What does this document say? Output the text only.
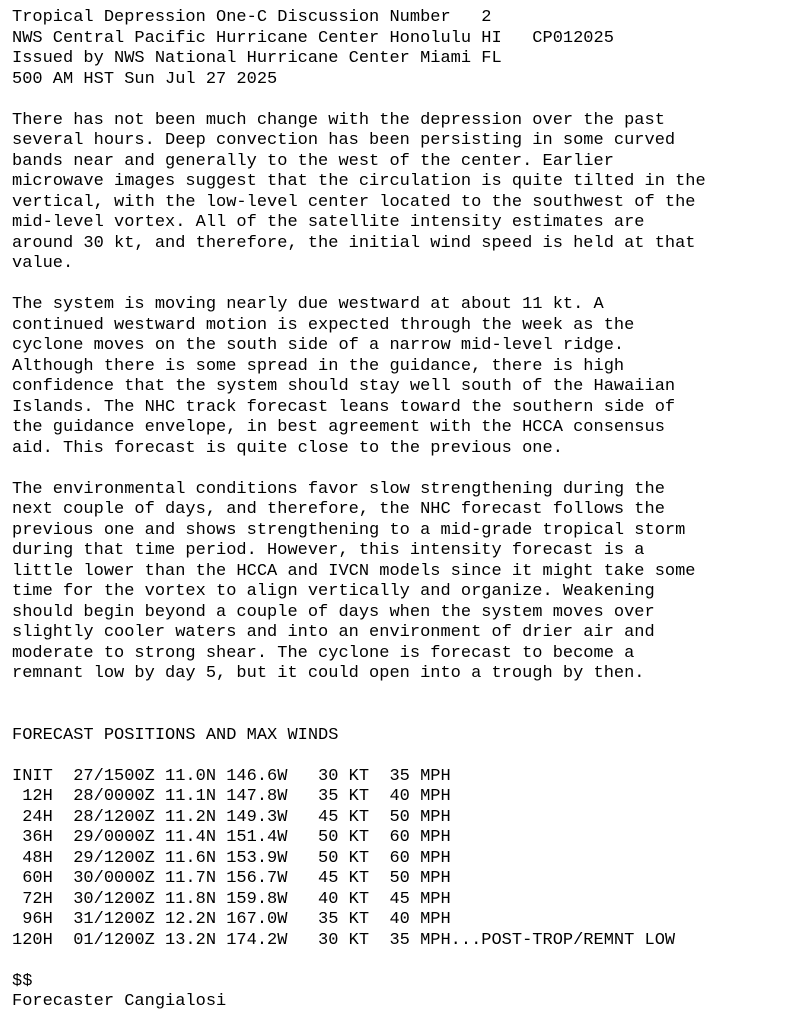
Tropical Depression One-C Discussion Number   2
NWS Central Pacific Hurricane Center Honolulu HI   CP012025
Issued by NWS National Hurricane Center Miami FL
500 AM HST Sun Jul 27 2025
There has not been much change with the depression over the past
several hours. Deep convection has been persisting in some curved
bands near and generally to the west of the center. Earlier
microwave images suggest that the circulation is quite tilted in the
vertical, with the low-level center located to the southwest of the
mid-level vortex. All of the satellite intensity estimates are
around 30 kt, and therefore, the initial wind speed is held at that
value.
The system is moving nearly due westward at about 11 kt. A
continued westward motion is expected through the week as the
cyclone moves on the south side of a narrow mid-level ridge.
Although there is some spread in the guidance, there is high
confidence that the system should stay well south of the Hawaiian
Islands. The NHC track forecast leans toward the southern side of
the guidance envelope, in best agreement with the HCCA consensus
aid. This forecast is quite close to the previous one.
The environmental conditions favor slow strengthening during the
next couple of days, and therefore, the NHC forecast follows the
previous one and shows strengthening to a mid-grade tropical storm
during that time period. However, this intensity forecast is a
little lower than the HCCA and IVCN models since it might take some
time for the vortex to align vertically and organize. Weakening
should begin beyond a couple of days when the system moves over
slightly cooler waters and into an environment of drier air and
moderate to strong shear. The cyclone is forecast to become a
remnant low by day 5, but it could open into a trough by then.
FORECAST POSITIONS AND MAX WINDS
INIT  27/1500Z 11.0N 146.6W   30 KT  35 MPH
12H  28/0000Z 11.1N 147.8W   35 KT  40 MPH
24H  28/1200Z 11.2N 149.3W   45 KT  50 MPH
36H  29/0000Z 11.4N 151.4W   50 KT  60 MPH
48H  29/1200Z 11.6N 153.9W   50 KT  60 MPH
60H  30/0000Z 11.7N 156.7W   45 KT  50 MPH
72H  30/1200Z 11.8N 159.8W   40 KT  45 MPH
96H  31/1200Z 12.2N 167.0W   35 KT  40 MPH
120H  01/1200Z 13.2N 174.2W   30 KT  35 MPH...POST-TROP/REMNT LOW
$$
Forecaster Cangialosi
